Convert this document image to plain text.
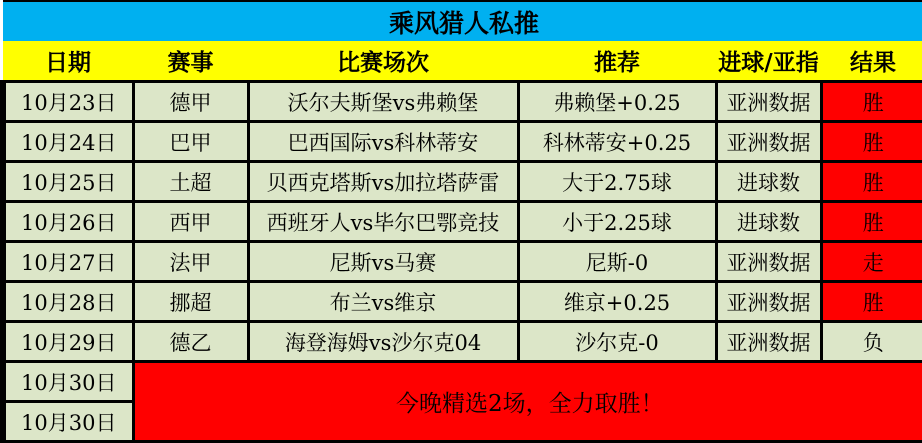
乘风猎人私推					
日期	赛事	比赛场次	推荐	进球/亚指	结果
10月23日	德甲	沃尔夫斯堡vs弗赖堡	弗赖堡+0.25	亚洲数据	胜
10月24日	巴甲	巴西国际vs科林蒂安	科林蒂安+0.25	亚洲数据	胜
10月25日	土超	贝西克塔斯vs加拉塔萨雷	大于2.75球	进球数	胜
10月26日	西甲	西班牙人vs毕尔巴鄂竞技	小于2.25球	进球数	胜
10月27日	法甲	尼斯vs马赛	尼斯-0	亚洲数据	走
10月28日	挪超	布兰vs维京	维京+0.25	亚洲数据	胜
10月29日	德乙	海登海姆vs沙尔克04	沙尔克-0	亚洲数据	负
10月30日	今晚精选2场，全力取胜！				
10月30日					
